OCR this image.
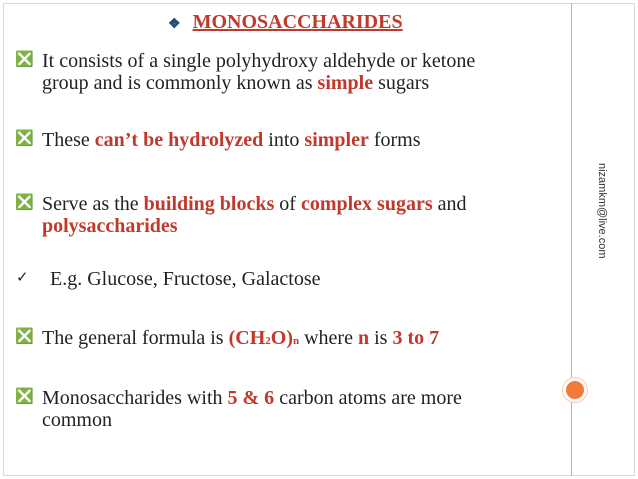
nizamkm@live.com
❖ MONOSACCHARIDES
❎ It consists of a single polyhydroxy aldehyde or ketone
group and is commonly known as simple sugars
❎ These can’t be hydrolyzed into simpler forms
❎ Serve as the building blocks of complex sugars and
polysaccharides
✓ E.g. Glucose, Fructose, Galactose
❎ The general formula is (CH2O)n where n is 3 to 7
❎ Monosaccharides with 5 & 6 carbon atoms are more
common
